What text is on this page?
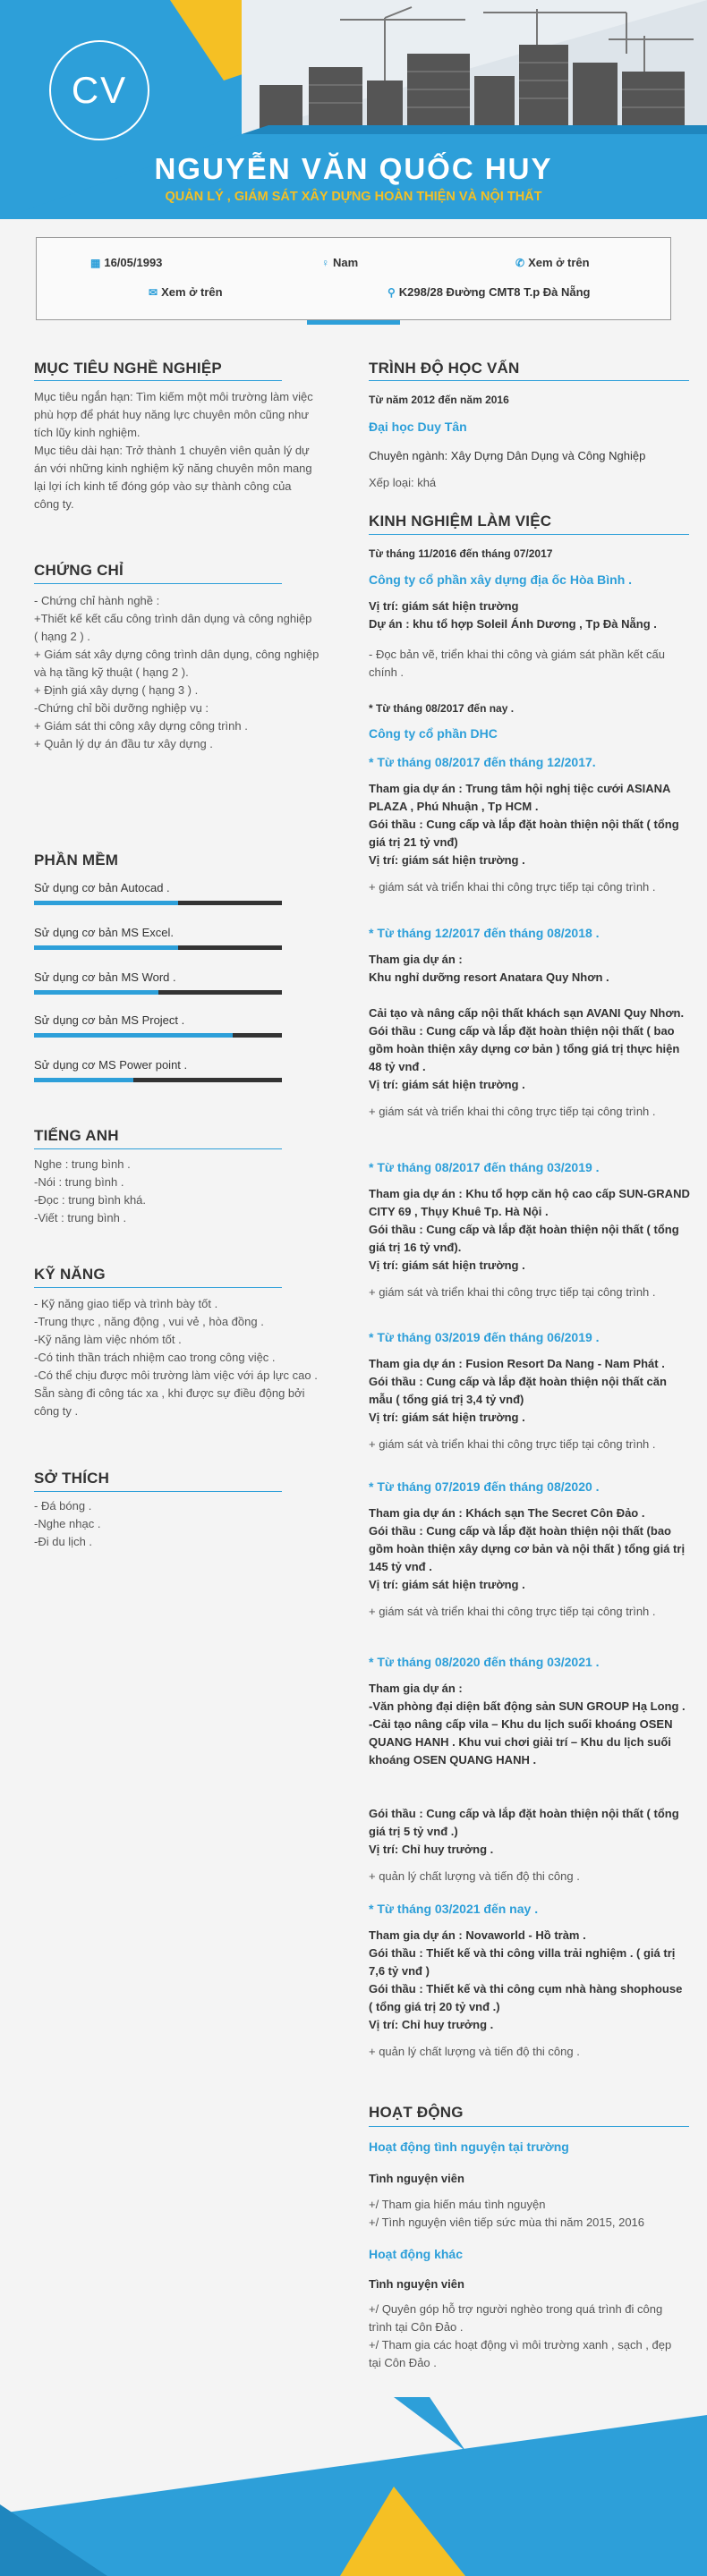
CV
NGUYỄN VĂN QUỐC HUY
QUẢN LÝ , GIÁM SÁT XÂY DỰNG HOÀN THIỆN VÀ NỘI THẤT
▦ 16/05/1993	♀ Nam	✆ Xem ở trên
✉ Xem ở trên	⚲ K298/28 Đường CMT8 T.p Đà Nẵng
MỤC TIÊU NGHỀ NGHIỆP

Mục tiêu ngắn hạn: Tìm kiếm một môi trường làm việc

phù hợp để phát huy năng lực chuyên môn cũng như

tích lũy kinh nghiệm.

Mục tiêu dài hạn: Trở thành 1 chuyên viên quản lý dự

án với những kinh nghiệm kỹ năng chuyên môn mang

lại lợi ích kinh tế đóng góp vào sự thành công của

công ty.

CHỨNG CHỈ

- Chứng chỉ hành nghề :

+Thiết kế kết cấu công trình dân dụng và công nghiệp

( hạng 2 ) .

+ Giám sát xây dựng công trình dân dụng, công nghiệp

và hạ tầng kỹ thuật ( hạng 2 ).

+ Định giá xây dựng ( hạng 3 ) .

-Chứng chỉ bồi dưỡng nghiệp vụ :

+ Giám sát thi công xây dựng công trình .

+ Quản lý dự án đầu tư xây dựng .

PHẦN MỀM
Sử dụng cơ bản Autocad .
Sử dụng cơ bản MS Excel.
Sử dụng cơ bản MS Word .
Sử dụng cơ bản MS Project .
Sử dụng cơ MS Power point .
TIẾNG ANH

Nghe : trung bình .

-Nói : trung bình .

-Đọc : trung bình khá.

-Viết : trung bình .

KỸ NĂNG

- Kỹ năng giao tiếp và trình bày tốt .

-Trung thực , năng động , vui vẻ , hòa đồng .

-Kỹ năng làm việc nhóm tốt .

-Có tinh thần trách nhiệm cao trong công việc .

-Có thể chịu được môi trường làm việc với áp lực cao .

Sẵn sàng đi công tác xa , khi được sự điều động bởi

công ty .

SỞ THÍCH

- Đá bóng .

-Nghe nhạc .

-Đi du lịch .

TRÌNH ĐỘ HỌC VẤN
Từ năm 2012 đến năm 2016
Đại học Duy Tân
Chuyên ngành: Xây Dựng Dân Dụng và Công Nghiệp
Xếp loại: khá
KINH NGHIỆM LÀM VIỆC
Từ tháng 11/2016 đến tháng 07/2017
Công ty cổ phần xây dựng địa ốc Hòa Bình .

Vị trí: giám sát hiện trường

Dự án : khu tổ hợp Soleil Ánh Dương , Tp Đà Nẵng .

- Đọc bản vẽ, triển khai thi công và giám sát phần kết cấu

chính .

* Từ tháng 08/2017 đến nay .
Công ty cổ phần DHC
* Từ tháng 08/2017 đến tháng 12/2017.

Tham gia dự án : Trung tâm hội nghị tiệc cưới ASIANA

PLAZA , Phú Nhuận , Tp HCM .

Gói thầu : Cung cấp và lắp đặt hoàn thiện nội thất ( tổng

giá trị 21 tỷ vnđ)

Vị trí: giám sát hiện trường .

+ giám sát và triển khai thi công trực tiếp tại công trình .
* Từ tháng 12/2017 đến tháng 08/2018 .

Tham gia dự án :

Khu nghỉ dưỡng resort Anatara Quy Nhơn .

Cải tạo và nâng cấp nội thất khách sạn AVANI Quy Nhơn.

Gói thầu : Cung cấp và lắp đặt hoàn thiện nội thất ( bao

gồm hoàn thiện xây dựng cơ bản ) tổng giá trị thực hiện

48 tỷ vnđ .

Vị trí: giám sát hiện trường .

+ giám sát và triển khai thi công trực tiếp tại công trình .
* Từ tháng 08/2017 đến tháng 03/2019 .

Tham gia dự án : Khu tổ hợp căn hộ cao cấp SUN-GRAND

CITY 69 , Thụy Khuê Tp. Hà Nội .

Gói thầu : Cung cấp và lắp đặt hoàn thiện nội thất ( tổng

giá trị 16 tỷ vnđ).

Vị trí: giám sát hiện trường .

+ giám sát và triển khai thi công trực tiếp tại công trình .
* Từ tháng 03/2019 đến tháng 06/2019 .

Tham gia dự án : Fusion Resort Da Nang - Nam Phát .

Gói thầu : Cung cấp và lắp đặt hoàn thiện nội thất căn

mẫu ( tổng giá trị 3,4 tỷ vnđ)

Vị trí: giám sát hiện trường .

+ giám sát và triển khai thi công trực tiếp tại công trình .
* Từ tháng 07/2019 đến tháng 08/2020 .

Tham gia dự án : Khách sạn The Secret Côn Đảo .

Gói thầu : Cung cấp và lắp đặt hoàn thiện nội thất (bao

gồm hoàn thiện xây dựng cơ bản và nội thất ) tổng giá trị

145 tỷ vnđ .

Vị trí: giám sát hiện trường .

+ giám sát và triển khai thi công trực tiếp tại công trình .
* Từ tháng 08/2020 đến tháng 03/2021 .

Tham gia dự án :

-Văn phòng đại diện bất động sản SUN GROUP Hạ Long .

-Cải tạo nâng cấp vila – Khu du lịch suối khoáng OSEN

QUANG HANH . Khu vui chơi giải trí – Khu du lịch suối

khoáng OSEN QUANG HANH .

Gói thầu : Cung cấp và lắp đặt hoàn thiện nội thất ( tổng

giá trị 5 tỷ vnđ .)

Vị trí: Chỉ huy trưởng .

+ quản lý chất lượng và tiến độ thi công .
* Từ tháng 03/2021 đến nay .

Tham gia dự án : Novaworld - Hồ tràm .

Gói thầu : Thiết kế và thi công villa trải nghiệm . ( giá trị

7,6 tỷ vnđ )

Gói thầu : Thiết kế và thi công cụm nhà hàng shophouse

( tổng giá trị 20 tỷ vnđ .)

Vị trí: Chỉ huy trưởng .

+ quản lý chất lượng và tiến độ thi công .
HOẠT ĐỘNG
Hoạt động tình nguyện tại trường
Tình nguyện viên

+/ Tham gia hiến máu tình nguyện

+/ Tình nguyện viên tiếp sức mùa thi năm 2015, 2016

Hoạt động khác
Tình nguyện viên

+/ Quyên góp hỗ trợ người nghèo trong quá trình đi công

trình tại Côn Đảo .

+/ Tham gia các hoạt động vì môi trường xanh , sạch , đẹp

tại Côn Đảo .
